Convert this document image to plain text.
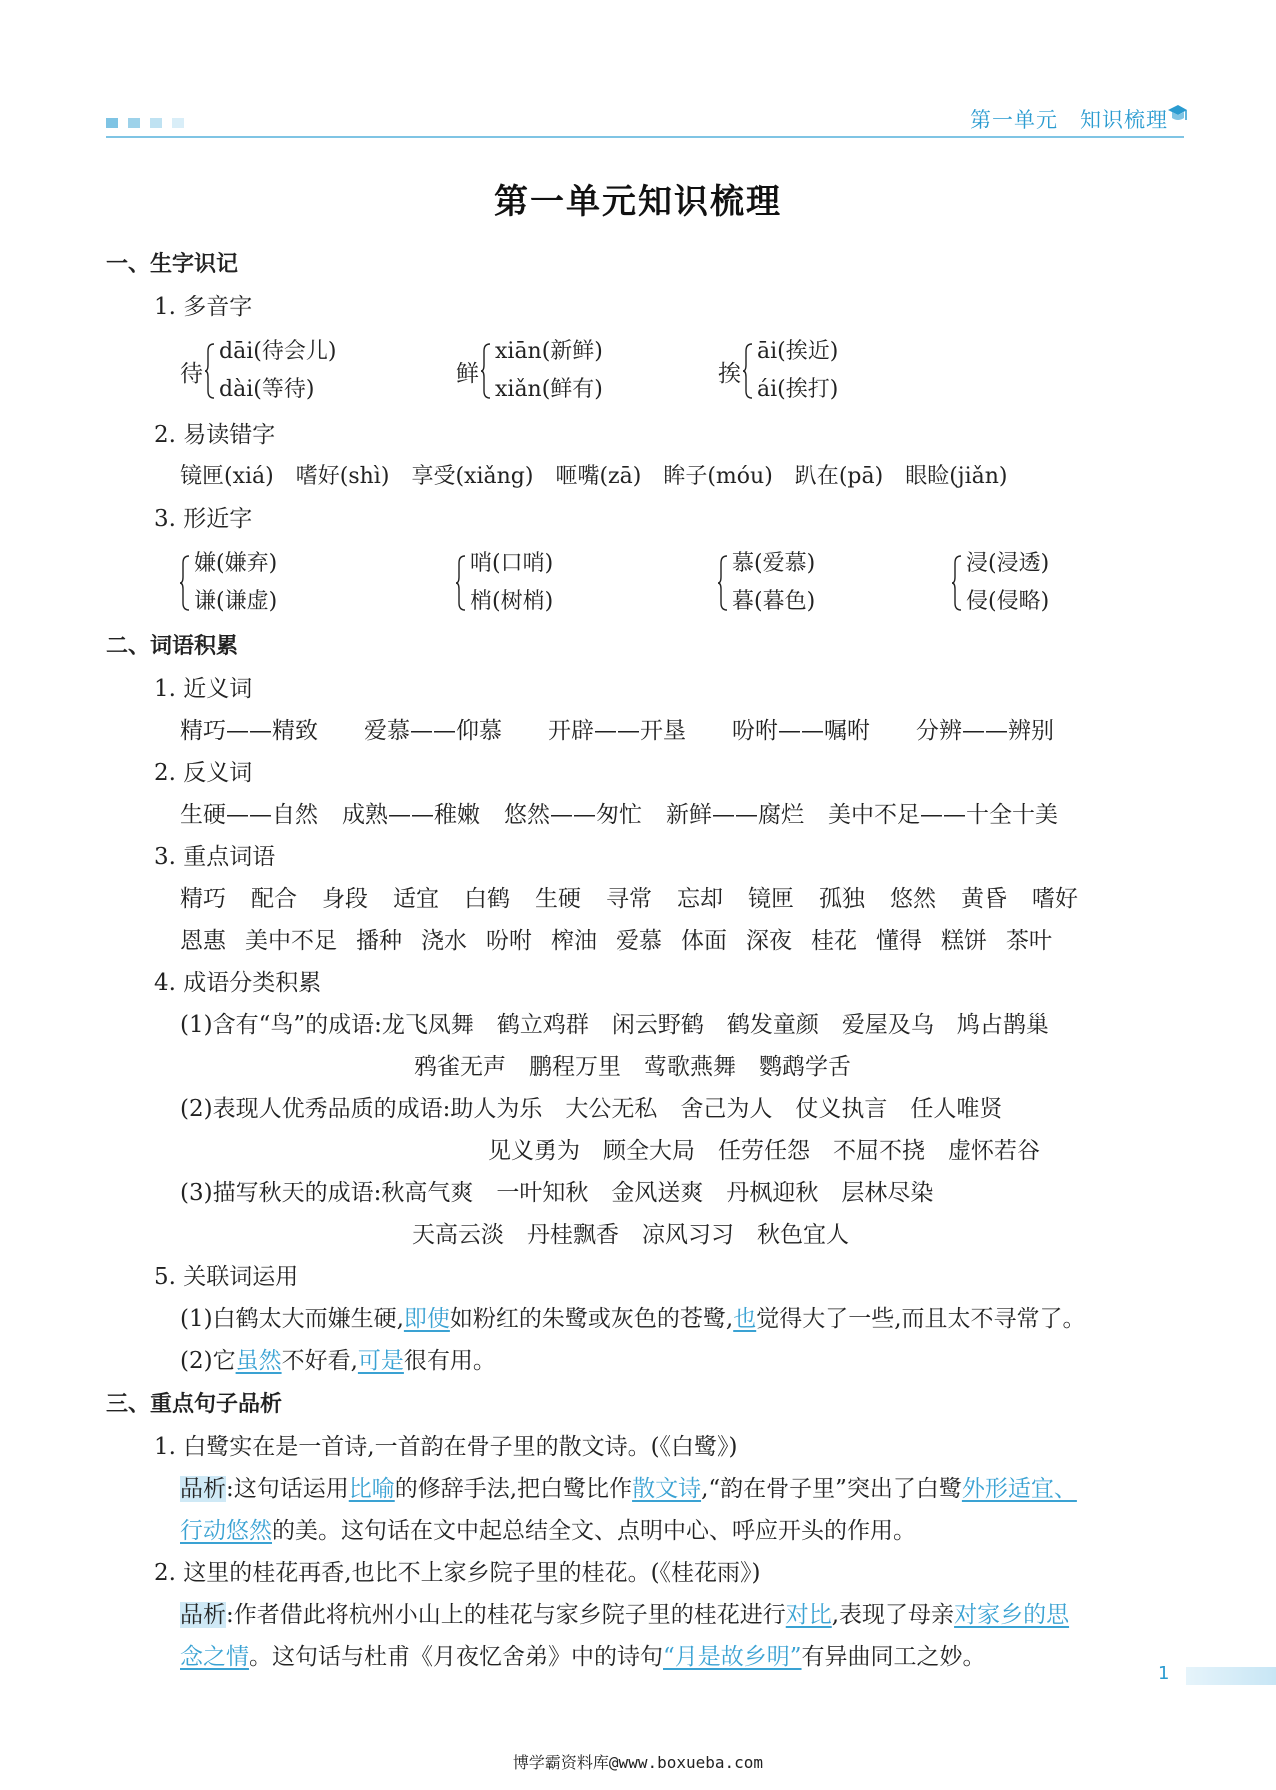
第一单元 知识梳理
第一单元知识梳理
一、生字识记
1. 多音字
待
dāi(待会儿)
dài(等待)
鲜
xiān(新鲜)
xiǎn(鲜有)
挨
āi(挨近)
ái(挨打)
2. 易读错字
镜匣(xiá) 嗜好(shì) 享受(xiǎng) 咂嘴(zā) 眸子(móu) 趴在(pā) 眼睑(jiǎn)
3. 形近字
嫌(嫌弃)
谦(谦虚)
哨(口哨)
梢(树梢)
慕(爱慕)
暮(暮色)
浸(浸透)
侵(侵略)
二、词语积累
1. 近义词
精巧——精致 爱慕——仰慕 开辟——开垦 吩咐——嘱咐 分辨——辨别
2. 反义词
生硬——自然 成熟——稚嫩 悠然——匆忙 新鲜——腐烂 美中不足——十全十美
3. 重点词语
精巧 配合 身段 适宜 白鹤 生硬 寻常 忘却 镜匣 孤独 悠然 黄昏 嗜好
恩惠 美中不足 播种 浇水 吩咐 榨油 爱慕 体面 深夜 桂花 懂得 糕饼 茶叶
4. 成语分类积累
(1)含有“鸟”的成语:龙飞凤舞　鹤立鸡群　闲云野鹤　鹤发童颜　爱屋及乌　鸠占鹊巢
鸦雀无声　鹏程万里　莺歌燕舞　鹦鹉学舌
(2)表现人优秀品质的成语:助人为乐　大公无私　舍己为人　仗义执言　任人唯贤
见义勇为　顾全大局　任劳任怨　不屈不挠　虚怀若谷
(3)描写秋天的成语:秋高气爽　一叶知秋　金风送爽　丹枫迎秋　层林尽染
天高云淡　丹桂飘香　凉风习习　秋色宜人
5. 关联词运用
(1)白鹤太大而嫌生硬,即使如粉红的朱鹭或灰色的苍鹭,也觉得大了一些,而且太不寻常了。
(2)它虽然不好看,可是很有用。
三、重点句子品析
1. 白鹭实在是一首诗,一首韵在骨子里的散文诗。(《白鹭》)
品析:这句话运用比喻的修辞手法,把白鹭比作散文诗,“韵在骨子里”突出了白鹭外形适宜、
行动悠然的美。这句话在文中起总结全文、点明中心、呼应开头的作用。
2. 这里的桂花再香,也比不上家乡院子里的桂花。(《桂花雨》)
品析:作者借此将杭州小山上的桂花与家乡院子里的桂花进行对比,表现了母亲对家乡的思
念之情。这句话与杜甫《月夜忆舍弟》中的诗句“月是故乡明”有异曲同工之妙。
1
博学霸资料库@www.boxueba.com
